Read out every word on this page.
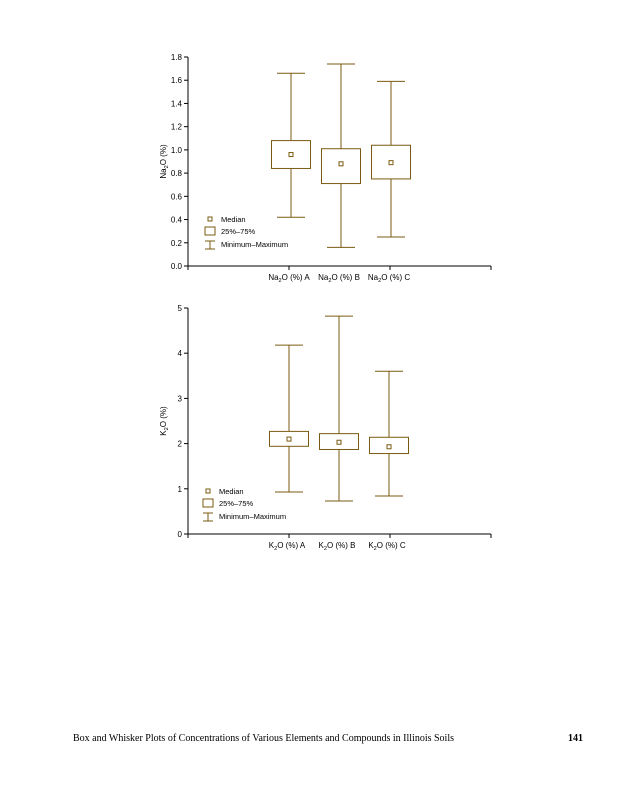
0.0
0.2
0.4
0.6
0.8
1.0
1.2
1.4
1.6
1.8
$Na_2O$ (%)
$Na_2O$ (%) A $Na_2O$ (%) B $Na_2O$ (%) C
Median
25%–75%
Minimum–Maximum
0
1
2
3
4
5
$K_2O$ (%)
$K_2O$ (%) A $K_2O$ (%) B $K_2O$ (%) C
Median
25%–75%
Minimum–Maximum
Box and Whisker Plots of Concentrations of Various Elements and Compounds in Illinois Soils	141
